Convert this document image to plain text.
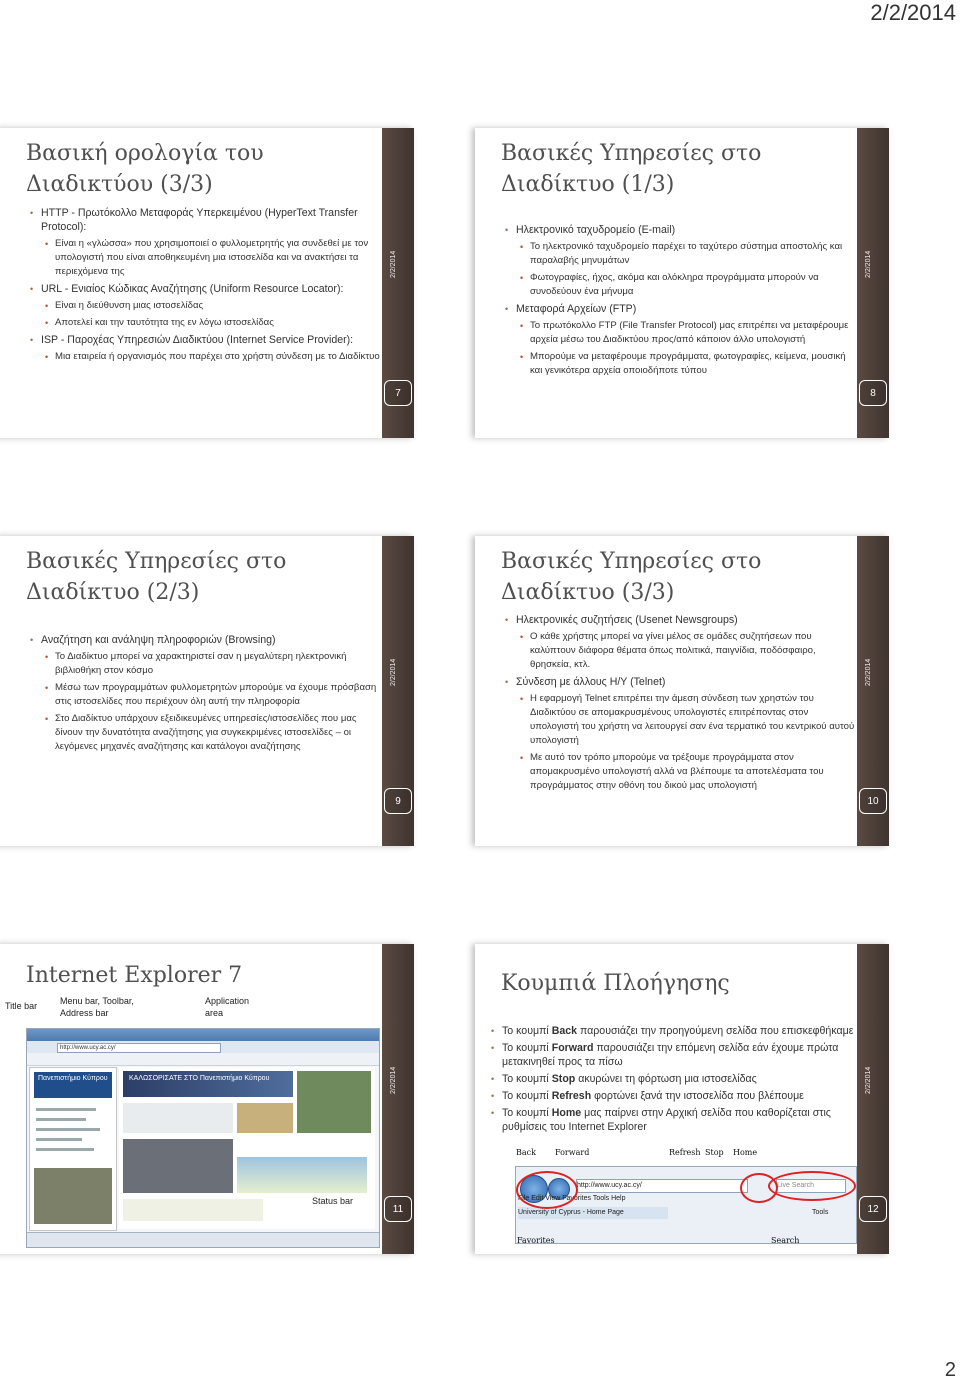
2/2/2014
Βασική ορολογία του Διαδικτύου (3/3)
• HTTP - Πρωτόκολλο Μεταφοράς Υπερκειμένου (HyperText Transfer Protocol):
• Είναι η «γλώσσα» που χρησιμοποιεί ο φυλλομετρητής για συνδεθεί με τον υπολογιστή που είναι αποθηκευμένη μια ιστοσελίδα και να ανακτήσει τα περιεχόμενα της
• URL - Ενιαίος Κώδικας Αναζήτησης (Uniform Resource Locator):
• Είναι η διεύθυνση μιας ιστοσελίδας
• Αποτελεί και την ταυτότητα της εν λόγω ιστοσελίδας
• ISP - Παροχέας Υπηρεσιών Διαδικτύου (Internet Service Provider):
• Μια εταιρεία ή οργανισμός που παρέχει στο χρήστη σύνδεση με το Διαδίκτυο
2/2/2014
7
Βασικές Υπηρεσίες στο Διαδίκτυο (1/3)
• Ηλεκτρονικό ταχυδρομείο (E-mail)
• Το ηλεκτρονικό ταχυδρομείο παρέχει το ταχύτερο σύστημα αποστολής και παραλαβής μηνυμάτων
• Φωτογραφίες, ήχος, ακόμα και ολόκληρα προγράμματα μπορούν να συνοδεύουν ένα μήνυμα
• Μεταφορά Αρχείων (FTP)
• Το πρωτόκολλο FTP (File Transfer Protocol) μας επιτρέπει να μεταφέρουμε αρχεία μέσω του Διαδικτύου προς/από κάποιον άλλο υπολογιστή
• Μπορούμε να μεταφέρουμε προγράμματα, φωτογραφίες, κείμενα, μουσική και γενικότερα αρχεία οποιοδήποτε τύπου
2/2/2014
8
Βασικές Υπηρεσίες στο Διαδίκτυο (2/3)
• Αναζήτηση και ανάληψη πληροφοριών (Browsing)
• Το Διαδίκτυο μπορεί να χαρακτηριστεί σαν η μεγαλύτερη ηλεκτρονική βιβλιοθήκη στον κόσμο
• Μέσω των προγραμμάτων φυλλομετρητών μπορούμε να έχουμε πρόσβαση στις ιστοσελίδες που περιέχουν όλη αυτή την πληροφορία
• Στο Διαδίκτυο υπάρχουν εξειδικευμένες υπηρεσίες/ιστοσελίδες που μας δίνουν την δυνατότητα αναζήτησης για συγκεκριμένες ιστοσελίδες – οι λεγόμενες μηχανές αναζήτησης και κατάλογοι αναζήτησης
2/2/2014
9
Βασικές Υπηρεσίες στο Διαδίκτυο (3/3)
• Ηλεκτρονικές συζητήσεις (Usenet Newsgroups)
• Ο κάθε χρήστης μπορεί να γίνει μέλος σε ομάδες συζητήσεων που καλύπτουν διάφορα θέματα όπως πολιτικά, παιγνίδια, ποδόσφαιρο, θρησκεία, κτλ.
• Σύνδεση με άλλους Η/Υ (Telnet)
• Η εφαρμογή Telnet επιτρέπει την άμεση σύνδεση των χρηστών του Διαδικτύου σε απομακρυσμένους υπολογιστές επιτρέποντας στον υπολογιστή του χρήστη να λειτουργεί σαν ένα τερματικό του κεντρικού αυτού υπολογιστή
• Με αυτό τον τρόπο μπορούμε να τρέξουμε προγράμματα στον απομακρυσμένο υπολογιστή αλλά να βλέπουμε τα αποτελέσματα του προγράμματος στην οθόνη του δικού μας υπολογιστή
2/2/2014
10
Internet Explorer 7
Title bar	Menu bar, Toolbar, Address bar
Application area
http://www.ucy.ac.cy/
Πανεπιστήμιο Κύπρου	ΚΑΛΩΣΟΡΙΣΑΤΕ ΣΤΟ Πανεπιστήμιο Κύπρου
Status bar
2/2/2014
11
Κουμπιά Πλοήγησης
• Το κουμπί Back παρουσιάζει την προηγούμενη σελίδα που επισκεφθήκαμε
• Το κουμπί Forward παρουσιάζει την επόμενη σελίδα εάν έχουμε πρώτα μετακινηθεί προς τα πίσω
• Το κουμπί Stop ακυρώνει τη φόρτωση μια ιστοσελίδας
• Το κουμπί Refresh φορτώνει ξανά την ιστοσελίδα που βλέπουμε
• Το κουμπί Home μας παίρνει στην Αρχική σελίδα που καθορίζεται στις ρυθμίσεις του Internet Explorer
Back Forward	Refresh Stop Home
http://www.ucy.ac.cy/
File Edit View Favorites Tools Help
University of Cyprus - Home Page
Live Search
Tools
Favorites	Search
2/2/2014
12
2
